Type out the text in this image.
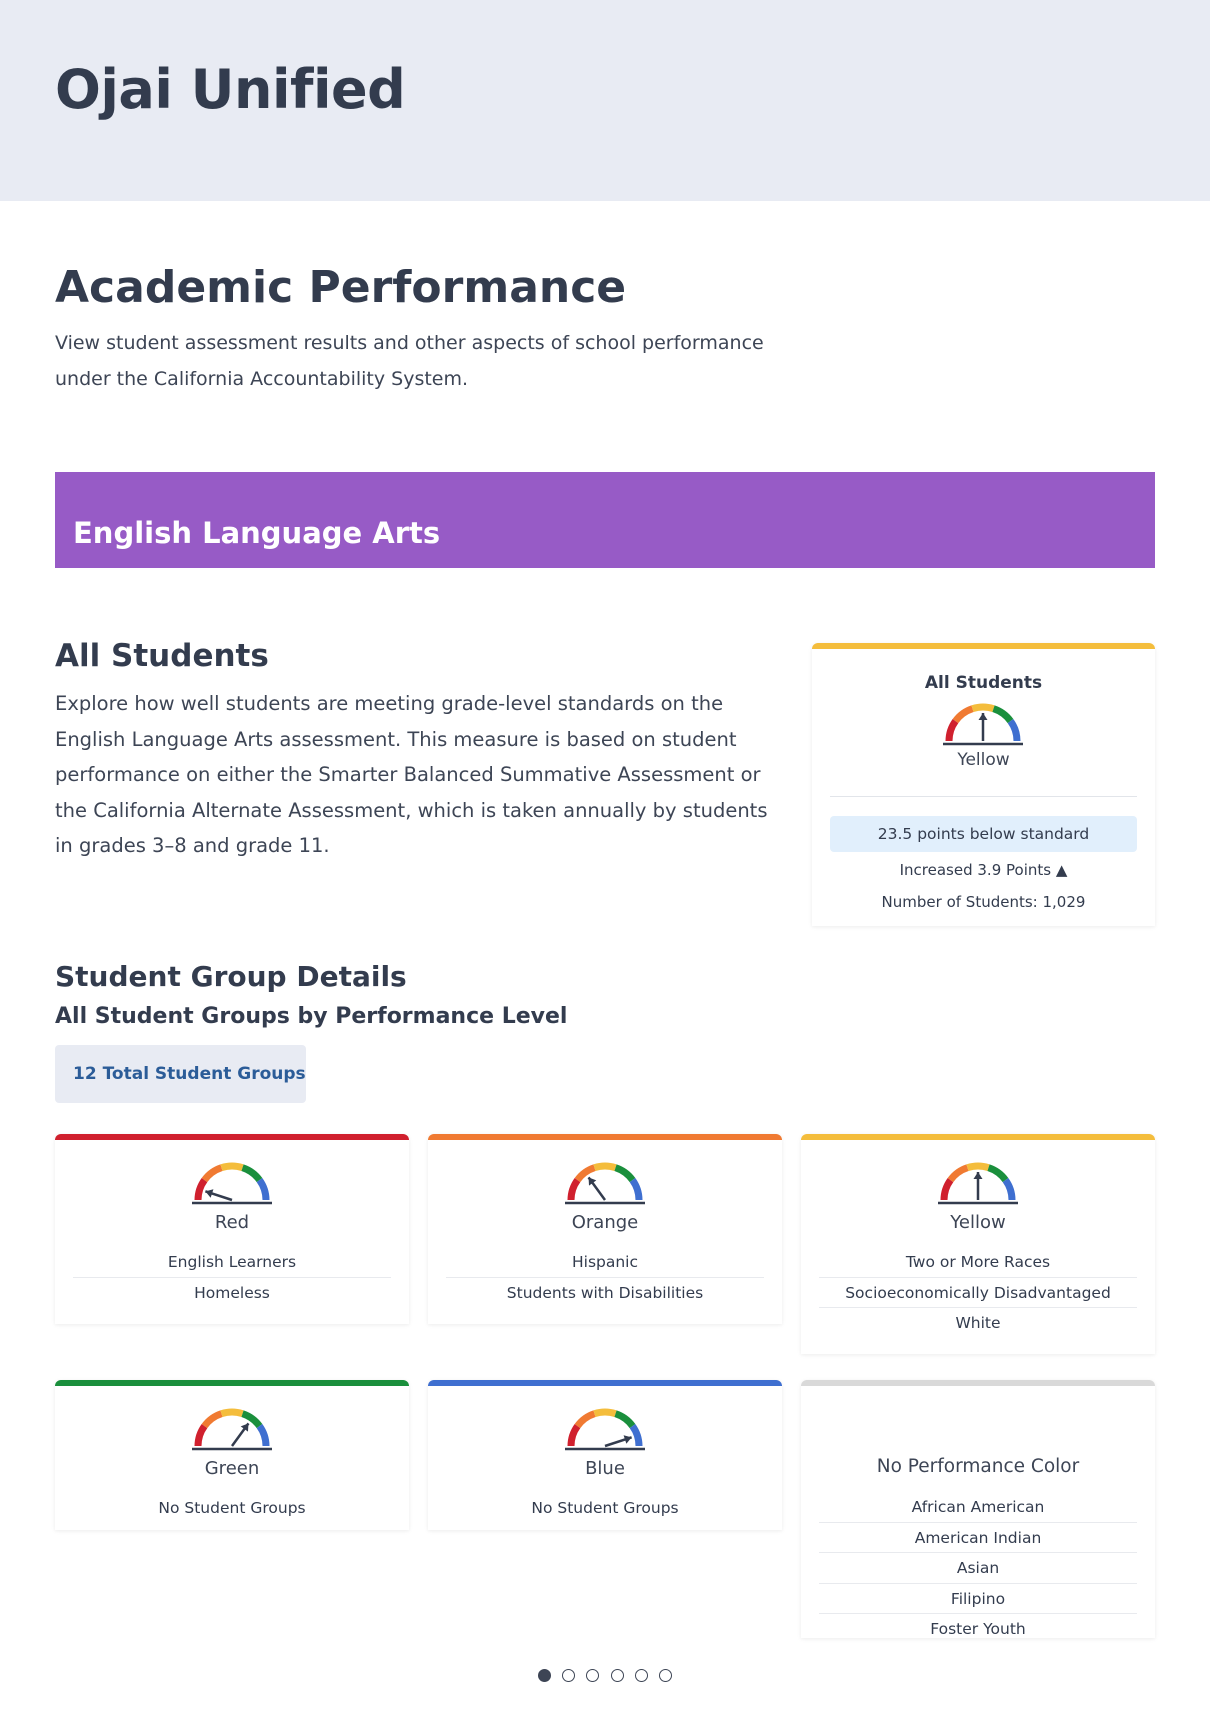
Ojai Unified
Academic Performance

View student assessment results and other aspects of school performance under the California Accountability System.

English Language Arts
All Students

Explore how well students are meeting grade-level standards on the English Language Arts assessment. This measure is based on student performance on either the Smarter Balanced Summative Assessment or the California Alternate Assessment, which is taken annually by students in grades 3–8 and grade 11.

All Students
Yellow
23.5 points below standard
Increased 3.9 Points ▲
Number of Students: 1,029
Student Group Details
All Student Groups by Performance Level
12 Total Student Groups
Red
English Learners
Homeless
Orange
Hispanic
Students with Disabilities
Yellow
Two or More Races
Socioeconomically Disadvantaged
White
Green
No Student Groups
Blue
No Student Groups
No Performance Color
African American
American Indian
Asian
Filipino
Foster Youth
